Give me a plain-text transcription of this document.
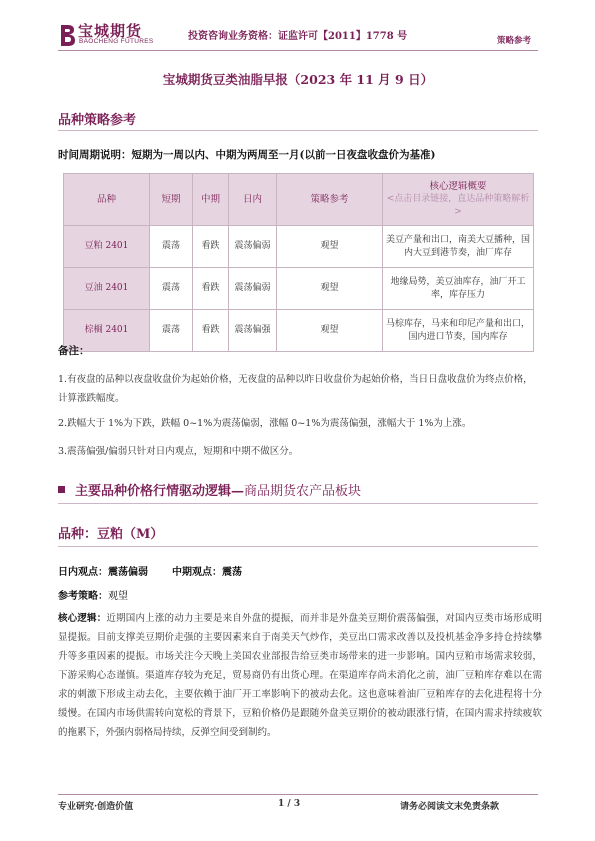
宝城期货
BAOCHENG FUTURES	投资咨询业务资格：证监许可【2011】1778 号	策略参考
宝城期货豆类油脂早报（2023 年 11 月 9 日）
品种策略参考
时间周期说明：短期为一周以内、中期为两周至一月(以前一日夜盘收盘价为基准)
品种	短期	中期	日内	策略参考	核心逻辑概要
<点击目录链接，直达品种策略解析>

豆粕 2401	震荡	看跌	震荡偏弱	观望	美豆产量和出口，南美大豆播种，国内大豆到港节奏，油厂库存
豆油 2401	震荡	看跌	震荡偏弱	观望	地缘局势，美豆油库存，油厂开工率，库存压力
棕榈 2401	震荡	看跌	震荡偏强	观望	马棕库存，马来和印尼产量和出口，国内进口节奏，国内库存
备注：
1.有夜盘的品种以夜盘收盘价为起始价格，无夜盘的品种以昨日收盘价为起始价格，当日日盘收盘价为终点价格，计算涨跌幅度。
2.跌幅大于 1%为下跌，跌幅 0~1%为震荡偏弱，涨幅 0~1%为震荡偏强，涨幅大于 1%为上涨。
3.震荡偏强/偏弱只针对日内观点，短期和中期不做区分。
主要品种价格行情驱动逻辑—商品期货农产品板块
品种：豆粕（M）
日内观点：震荡偏弱 中期观点：震荡
参考策略：观望
核心逻辑：近期国内上涨的动力主要是来自外盘的提振，而并非是外盘美豆期价震荡偏强，对国内豆类市场形成明显提振。目前支撑美豆期价走强的主要因素来自于南美天气炒作，美豆出口需求改善以及投机基金净多持仓持续攀升等多重因素的提振。市场关注今天晚上美国农业部报告给豆类市场带来的进一步影响。国内豆粕市场需求较弱，下游采购心态谨慎。渠道库存较为充足，贸易商仍有出货心理。在渠道库存尚未消化之前，油厂豆粕库存难以在需求的刺激下形成主动去化，主要依赖于油厂开工率影响下的被动去化。这也意味着油厂豆粕库存的去化进程将十分缓慢。在国内市场供需转向宽松的背景下，豆粕价格仍是跟随外盘美豆期价的被动跟涨行情，在国内需求持续疲软的拖累下，外强内弱格局持续，反弹空间受到制约。
专业研究·创造价值	1 / 3	请务必阅读文末免责条款
